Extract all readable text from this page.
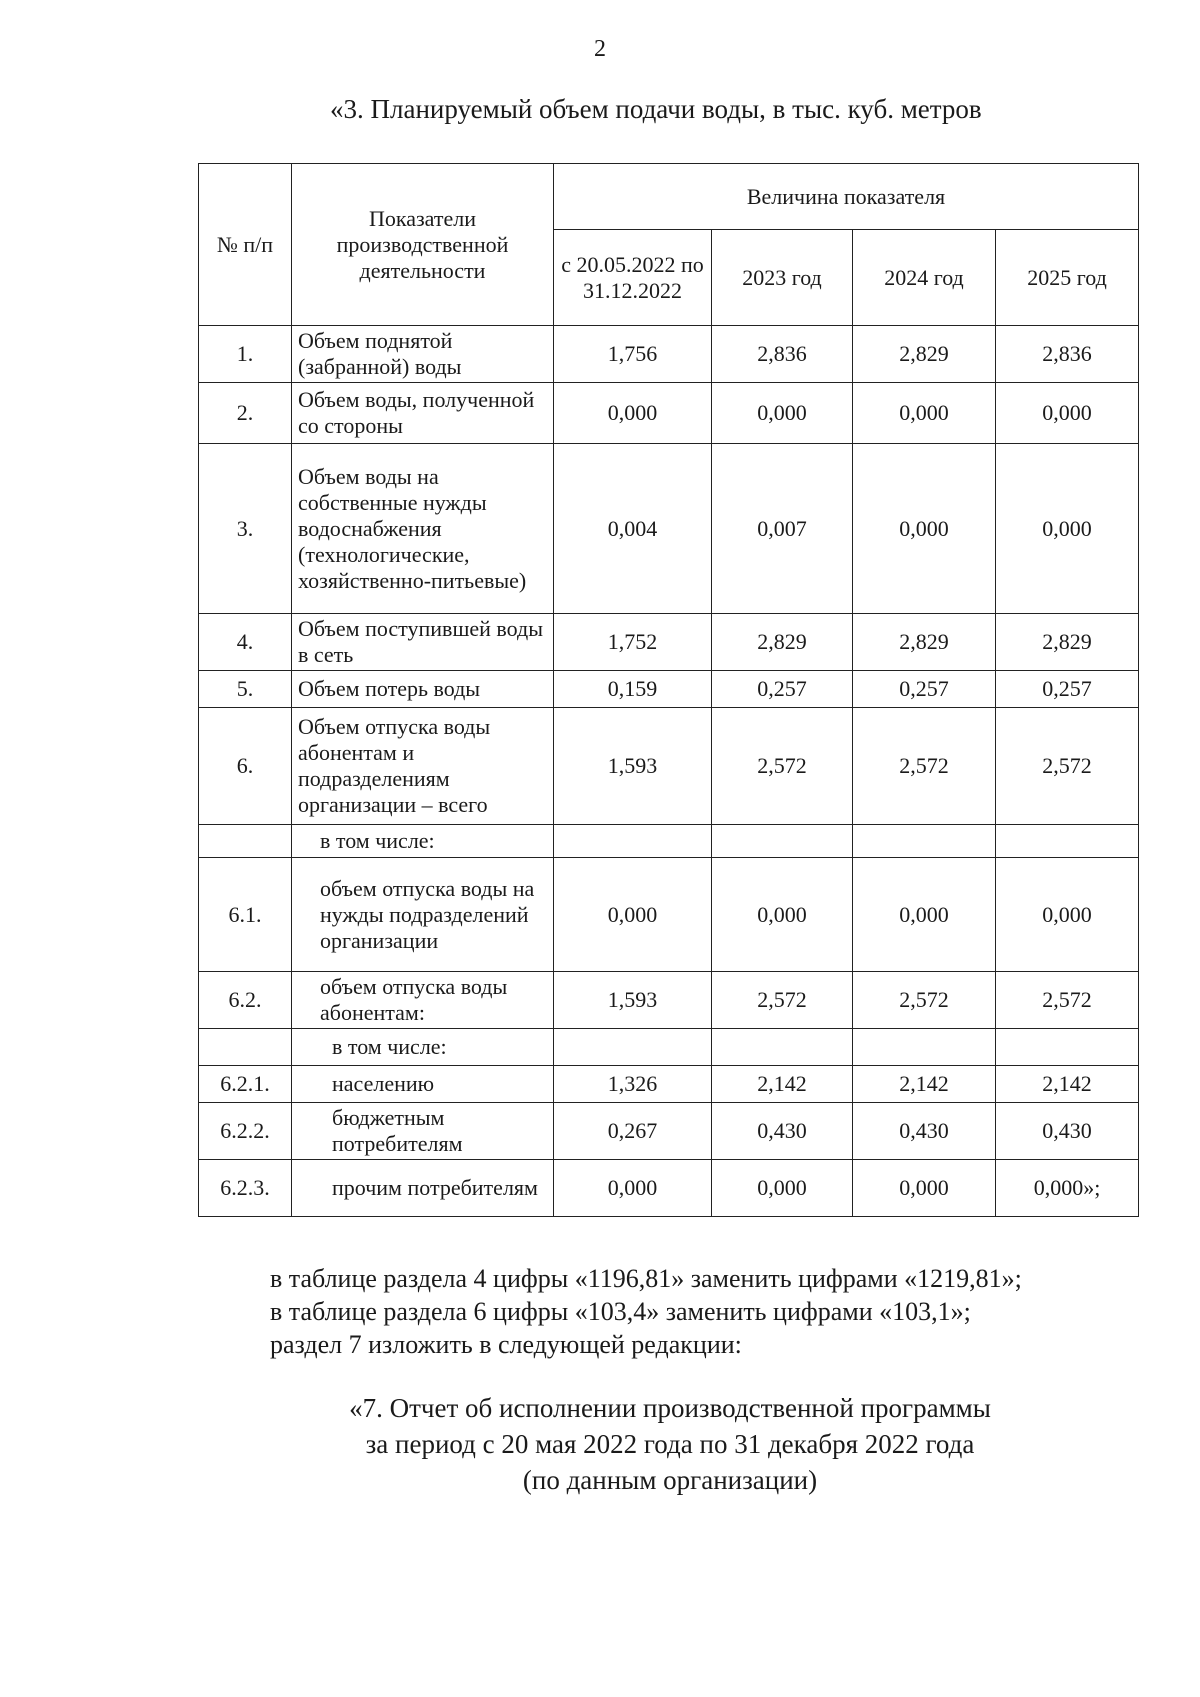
2
«3. Планируемый объем подачи воды, в тыс. куб. метров
№ п/п	Показатели производственной деятельности	Величина показателя			
		с 20.05.2022 по 31.12.2022	2023 год	2024 год	2025 год
1.	Объем поднятой (забранной) воды	1,756	2,836	2,829	2,836
2.	Объем воды, полученной со стороны	0,000	0,000	0,000	0,000
3.	Объем воды на собственные нужды водоснабжения (технологические, хозяйственно-питьевые)	0,004	0,007	0,000	0,000
4.	Объем поступившей воды в сеть	1,752	2,829	2,829	2,829
5.	Объем потерь воды	0,159	0,257	0,257	0,257
6.	Объем отпуска воды абонентам и подразделениям организации – всего	1,593	2,572	2,572	2,572
	в том числе:				
6.1.	объем отпуска воды на нужды подразделений организации	0,000	0,000	0,000	0,000
6.2.	объем отпуска воды абонентам:	1,593	2,572	2,572	2,572
	в том числе:				
6.2.1.	населению	1,326	2,142	2,142	2,142
6.2.2.	бюджетным потребителям	0,267	0,430	0,430	0,430
6.2.3.	прочим потребителям	0,000	0,000	0,000	0,000»;

в таблице раздела 4 цифры «1196,81» заменить цифрами «1219,81»;

в таблице раздела 6 цифры «103,4» заменить цифрами «103,1»;

раздел 7 изложить в следующей редакции:

«7. Отчет об исполнении производственной программы

за период с 20 мая 2022 года по 31 декабря 2022 года

(по данным организации)
